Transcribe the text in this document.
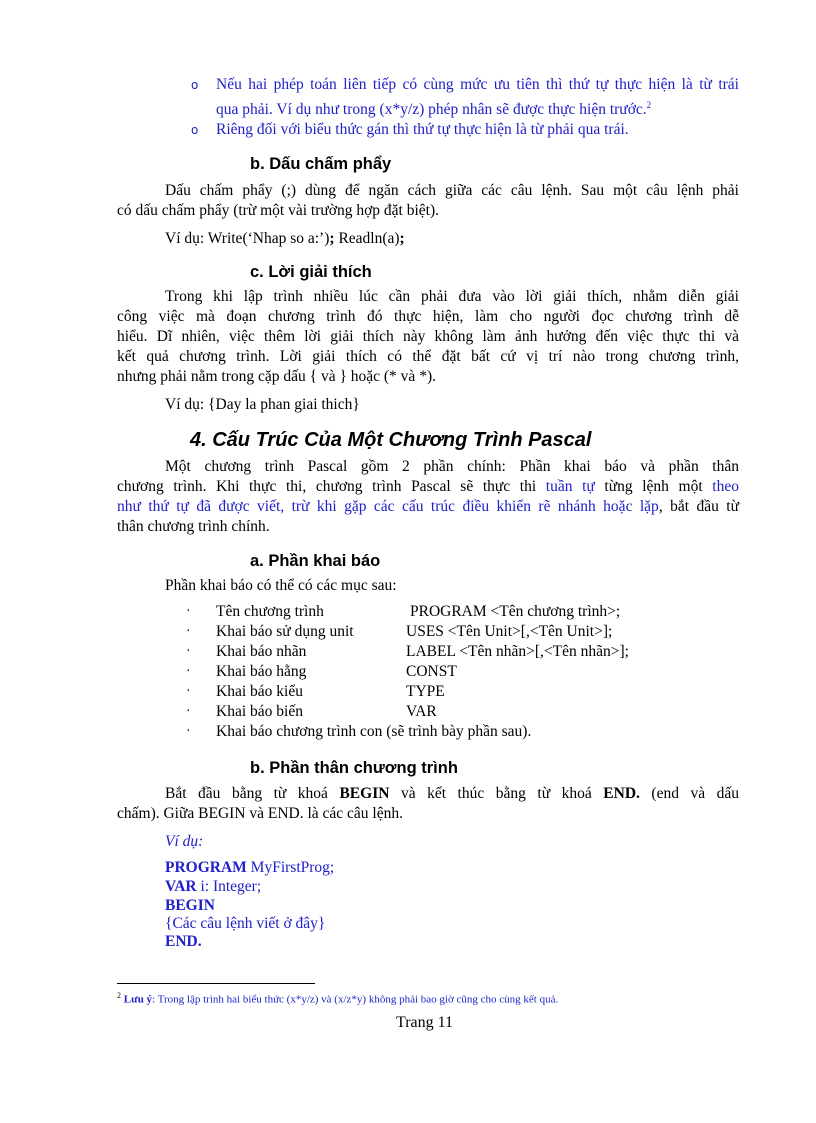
o	Nếu hai phép toán liên tiếp có cùng mức ưu tiên thì thứ tự thực hiện là từ trái
qua phải. Ví dụ như trong (x*y/z) phép nhân sẽ được thực hiện trước.$^2$
o	Riêng đối với biểu thức gán thì thứ tự thực hiện là từ phải qua trái.
b. Dấu chấm phẩy
Dấu chấm phẩy (;) dùng để ngăn cách giữa các câu lệnh. Sau một câu lệnh phải
có dấu chấm phẩy (trừ một vài trường hợp đặt biệt).
Ví dụ: Write(‘Nhap so a:’); Readln(a);
c. Lời giải thích
Trong khi lập trình nhiều lúc cần phải đưa vào lời giải thích, nhằm diễn giải
công việc mà đoạn chương trình đó thực hiện, làm cho người đọc chương trình dễ
hiểu. Dĩ nhiên, việc thêm lời giải thích này không làm ảnh hưởng đến việc thực thi và
kết quả chương trình. Lời giải thích có thể đặt bất cứ vị trí nào trong chương trình,
nhưng phải nằm trong cặp dấu { và } hoặc (* và *).
Ví dụ: {Day la phan giai thich}
4. Cấu Trúc Của Một Chương Trình Pascal
Một chương trình Pascal gồm 2 phần chính: Phần khai báo và phần thân
chương trình. Khi thực thi, chương trình Pascal sẽ thực thi tuần tự từng lệnh một theo
như thứ tự đã được viết, trừ khi gặp các cấu trúc điều khiển rẽ nhánh hoặc lặp, bắt đầu từ
thân chương trình chính.
a. Phần khai báo
Phần khai báo có thể có các mục sau:
· Tên chương trình	PROGRAM <Tên chương trình>;
· Khai báo sử dụng unit	USES <Tên Unit>[,<Tên Unit>];
· Khai báo nhãn	LABEL <Tên nhãn>[,<Tên nhãn>];
· Khai báo hằng	CONST
· Khai báo kiểu	TYPE
· Khai báo biến	VAR
· Khai báo chương trình con (sẽ trình bày phần sau).
b. Phần thân chương trình
Bắt đầu bằng từ khoá BEGIN và kết thúc bằng từ khoá END. (end và dấu
chấm). Giữa BEGIN và END. là các câu lệnh.
Ví dụ:
PROGRAM MyFirstProg;
VAR i: Integer;
BEGIN
{Các câu lệnh viết ở đây}
END.
$^2$ Lưu ý: Trong lập trình hai biểu thức (x*y/z) và (x/z*y) không phải bao giờ cũng cho cùng kết quả.
Trang 11
